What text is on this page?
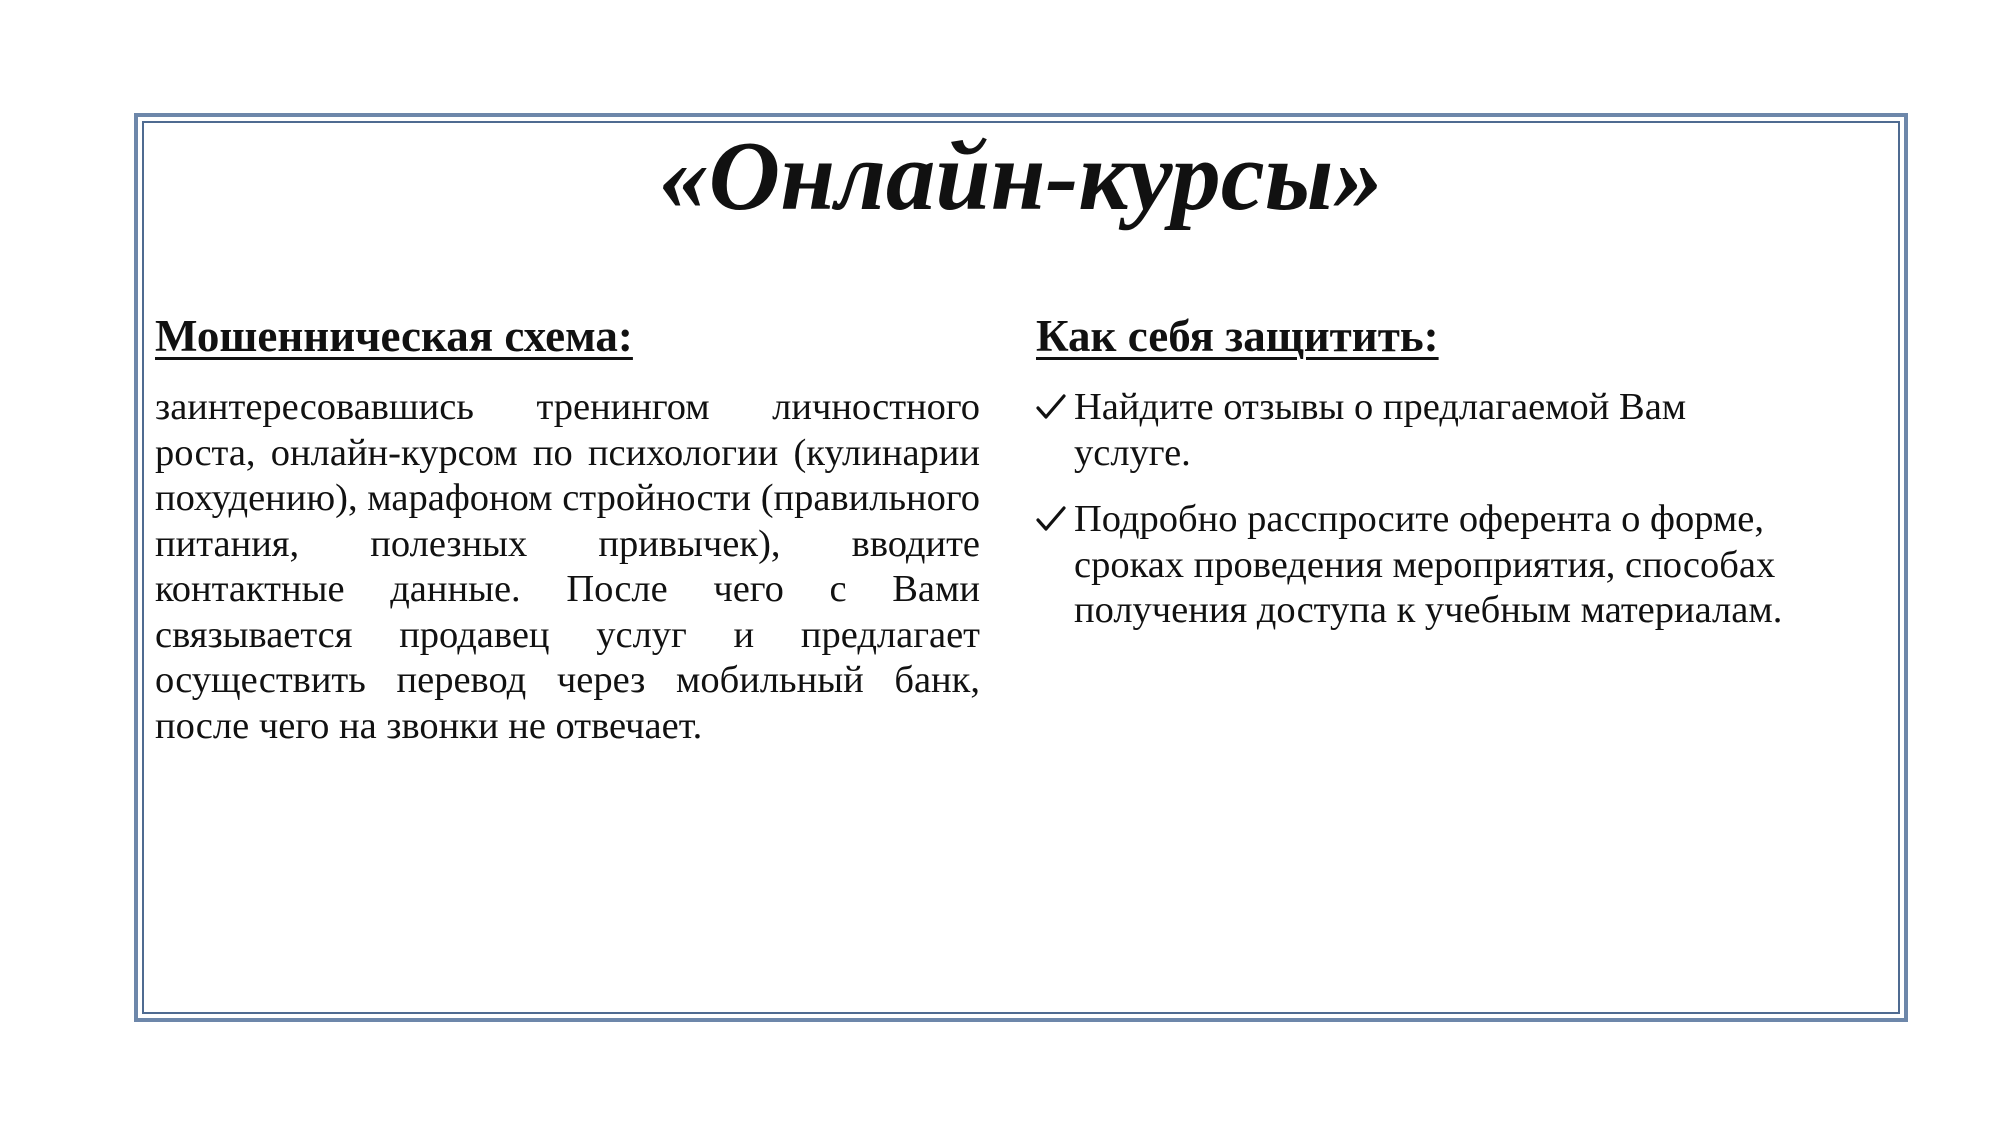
«Онлайн-курсы»
Мошенническая схема:

заинтересовавшись тренингом личностного роста, онлайн-курсом по психологии (кулинарии похудению), марафоном стройности (правильного питания, полезных привычек), вводите контактные данные. После чего с Вами связывается продавец услуг и предлагает осуществить перевод через мобильный банк, после чего на звонки не отвечает.

Как себя защитить:
Найдите отзывы о предлагаемой Вам
услуге.
Подробно расспросите оферента о форме,
сроках проведения мероприятия, способах
получения доступа к учебным материалам.
